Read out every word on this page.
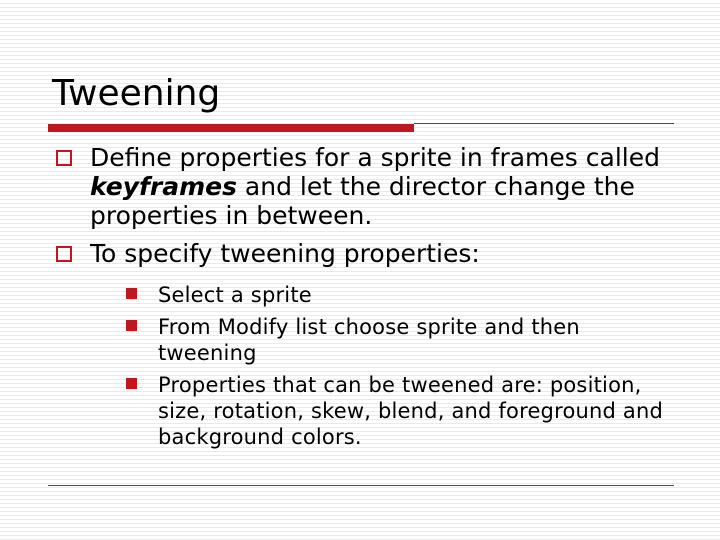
Tweening
Define properties for a sprite in frames called keyframes and let the director change the properties in between.
To specify tweening properties:
Select a sprite
From Modify list choose sprite and then tweening
Properties that can be tweened are: position, size, rotation, skew, blend, and foreground and background colors.
